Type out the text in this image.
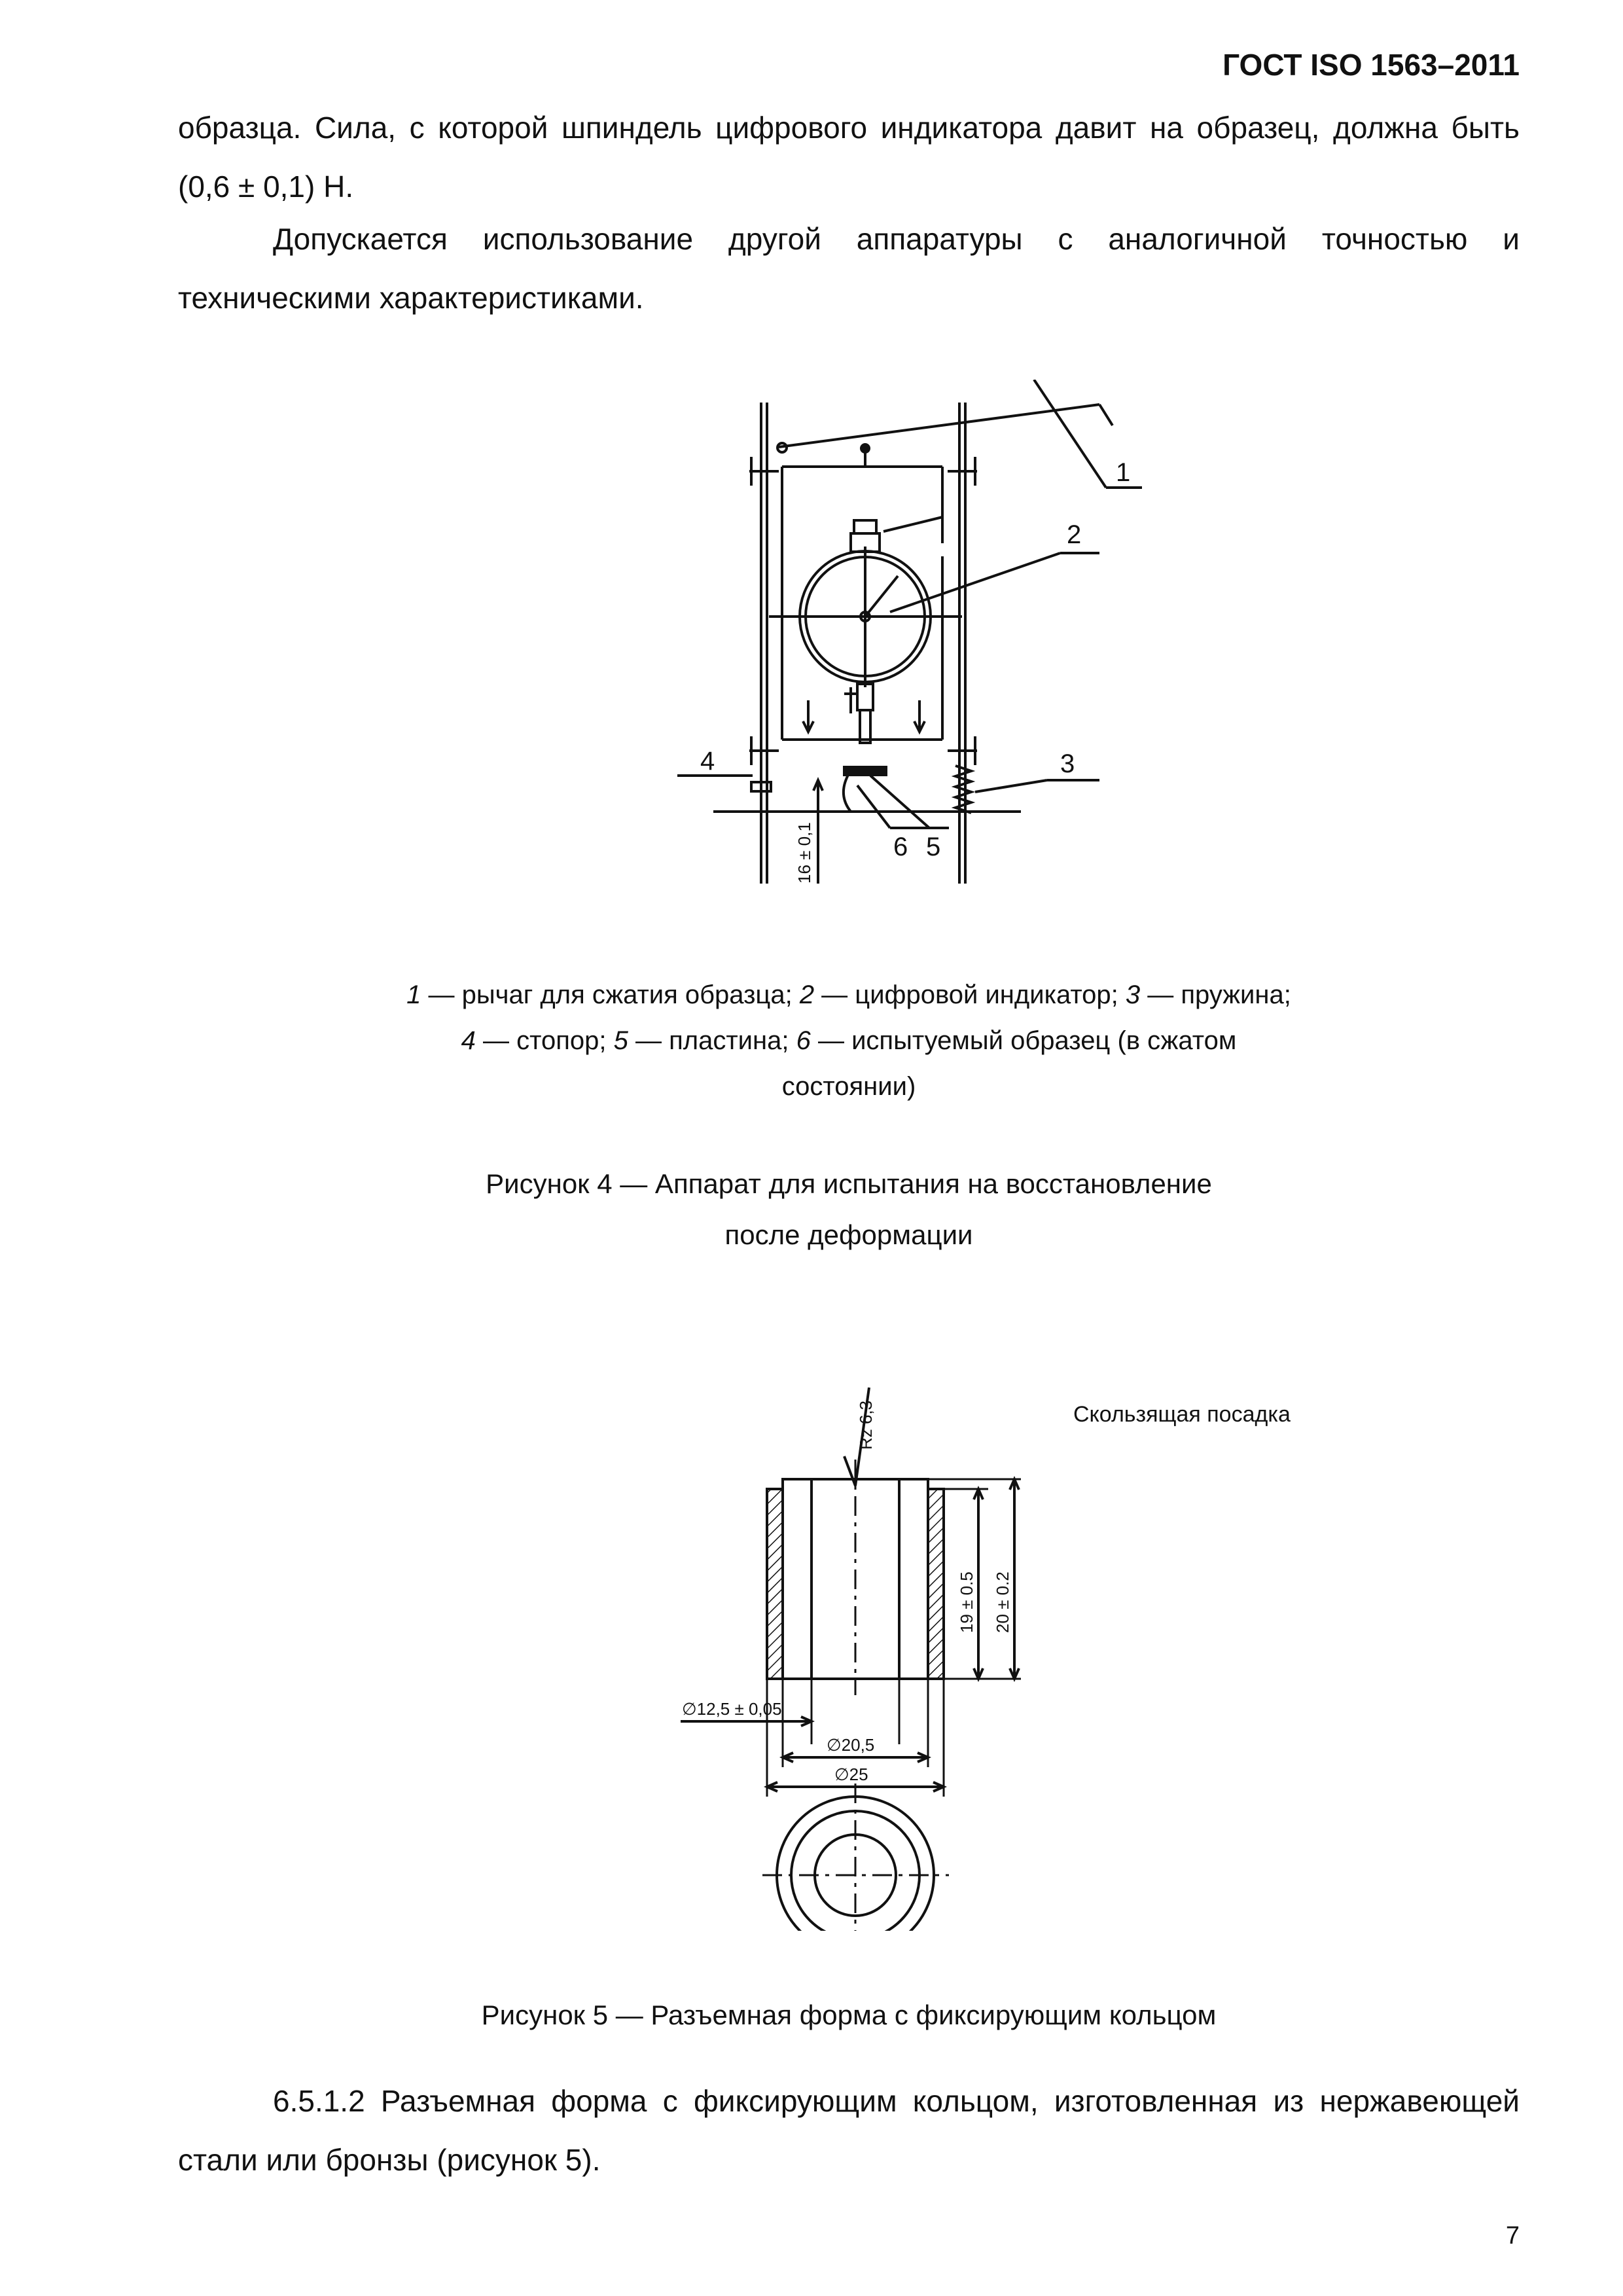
ГОСТ ISO 1563–2011
образца. Сила, с которой шпиндель цифрового индикатора давит на образец, должна быть (0,6 ± 0,1) Н.
Допускается использование другой аппаратуры с аналогичной точностью и техническими характеристиками.
1
2
3
4
5
6
16 ± 0,1
1 — рычаг для сжатия образца; 2 — цифровой индикатор; 3 — пружина;
4 — стопор; 5 — пластина; 6 — испытуемый образец (в сжатом состоянии)
Рисунок 4 — Аппарат для испытания на восстановление
после деформации
Rz 6,3
19 ± 0.5 20 ± 0.2
∅12,5 ± 0,05
∅20,5
∅25
Скользящая посадка
Рисунок 5 — Разъемная форма с фиксирующим кольцом
6.5.1.2 Разъемная форма с фиксирующим кольцом, изготовленная из нержавеющей стали или бронзы (рисунок 5).
7
